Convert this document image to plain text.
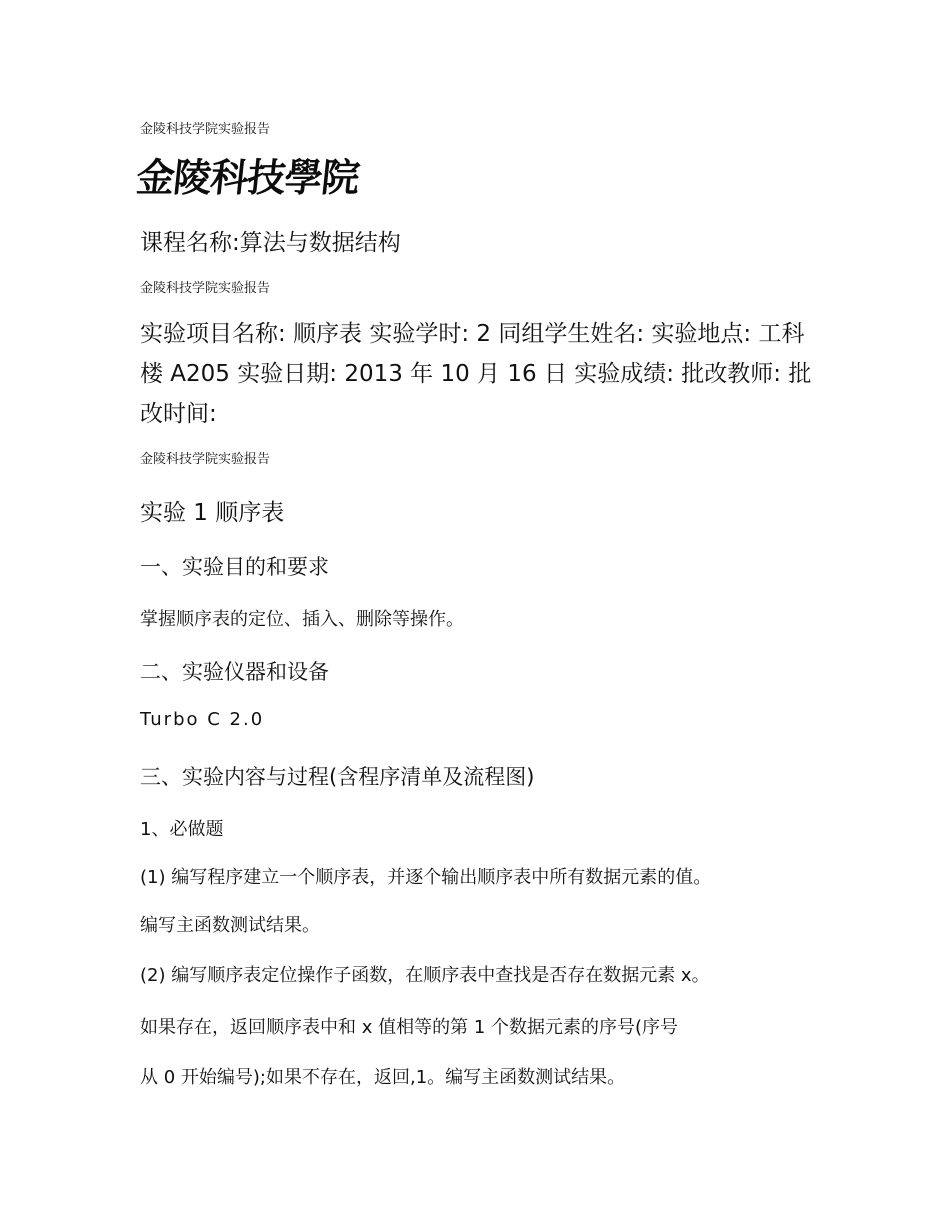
金陵科技学院实验报告
金陵科技學院
课程名称:算法与数据结构
金陵科技学院实验报告
实验项目名称: 顺序表 实验学时: 2 同组学生姓名: 实验地点: 工科楼 A205 实验日期: 2013 年 10 月 16 日 实验成绩: 批改教师: 批改时间:
金陵科技学院实验报告
实验 1 顺序表
一、实验目的和要求
掌握顺序表的定位、插入、删除等操作。
二、实验仪器和设备
Turbo C 2.0
三、实验内容与过程(含程序清单及流程图)
1、必做题
(1) 编写程序建立一个顺序表，并逐个输出顺序表中所有数据元素的值。
编写主函数测试结果。
(2) 编写顺序表定位操作子函数，在顺序表中查找是否存在数据元素 x。
如果存在，返回顺序表中和 x 值相等的第 1 个数据元素的序号(序号
从 0 开始编号);如果不存在，返回,1。编写主函数测试结果。
